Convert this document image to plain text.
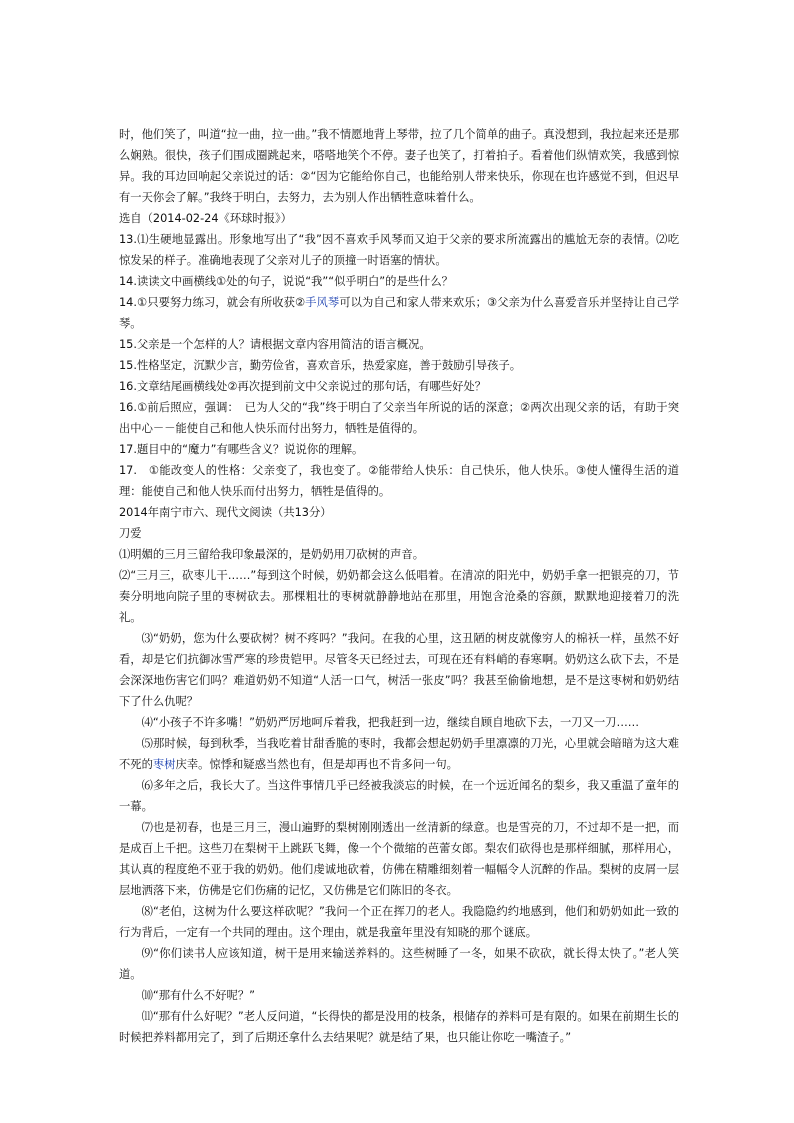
时，他们笑了，叫道“拉一曲，拉一曲。”我不情愿地背上琴带，拉了几个简单的曲子。真没想到，我拉起来还是那么娴熟。很快，孩子们围成圈跳起来，嗒嗒地笑个不停。妻子也笑了，打着拍子。看着他们纵情欢笑，我感到惊异。我的耳边回响起父亲说过的话：②“因为它能给你自己，也能给别人带来快乐，你现在也许感觉不到，但迟早有一天你会了解。”我终于明白，去努力，去为别人作出牺牲意味着什么。

选自（2014-02-24《环球时报》）

13.⑴生硬地显露出。形象地写出了“我”因不喜欢手风琴而又迫于父亲的要求所流露出的尴尬无奈的表情。⑵吃惊发呆的样子。准确地表现了父亲对儿子的顶撞一时语塞的情状。

14.读读文中画横线①处的句子，说说“我”“似乎明白”的是些什么？

14.①只要努力练习，就会有所收获②手风琴可以为自己和家人带来欢乐；③父亲为什么喜爱音乐并坚持让自己学琴。

15.父亲是一个怎样的人？请根据文章内容用简洁的语言概况。

15.性格坚定，沉默少言，勤劳俭省，喜欢音乐，热爱家庭，善于鼓励引导孩子。

16.文章结尾画横线处②再次提到前文中父亲说过的那句话，有哪些好处？

16.①前后照应，强调：　已为人父的“我”终于明白了父亲当年所说的话的深意；②两次出现父亲的话，有助于突出中心－－能使自己和他人快乐而付出努力，牺牲是值得的。

17.题目中的“魔力”有哪些含义？说说你的理解。

17.　①能改变人的性格：父亲变了，我也变了。②能带给人快乐：自己快乐，他人快乐。③使人懂得生活的道理：能使自己和他人快乐而付出努力，牺牲是值得的。

2014年南宁市六、现代文阅读（共13分）

刀爱

⑴明媚的三月三留给我印象最深的，是奶奶用刀砍树的声音。

⑵“三月三，砍枣儿干……”每到这个时候，奶奶都会这么低唱着。在清凉的阳光中，奶奶手拿一把银亮的刀，节奏分明地向院子里的枣树砍去。那棵粗壮的枣树就静静地站在那里，用饱含沧桑的容颜，默默地迎接着刀的洗礼。

⑶“奶奶，您为什么要砍树？树不疼吗？”我问。在我的心里，这丑陋的树皮就像穷人的棉袄一样，虽然不好看，却是它们抗御冰雪严寒的珍贵铠甲。尽管冬天已经过去，可现在还有料峭的春寒啊。奶奶这么砍下去，不是会深深地伤害它们吗？难道奶奶不知道“人活一口气，树活一张皮”吗？我甚至偷偷地想，是不是这枣树和奶奶结下了什么仇呢？

⑷“小孩子不许多嘴！”奶奶严厉地呵斥着我，把我赶到一边，继续自顾自地砍下去，一刀又一刀……

⑸那时候，每到秋季，当我吃着甘甜香脆的枣时，我都会想起奶奶手里凛凛的刀光，心里就会暗暗为这大难不死的枣树庆幸。惊悸和疑惑当然也有，但是却再也不肯多问一句。

⑹多年之后，我长大了。当这件事情几乎已经被我淡忘的时候，在一个远近闻名的梨乡，我又重温了童年的一幕。

⑺也是初春，也是三月三，漫山遍野的梨树刚刚透出一丝清新的绿意。也是雪亮的刀，不过却不是一把，而是成百上千把。这些刀在梨树干上跳跃飞舞，像一个个微缩的芭蕾女郎。梨农们砍得也是那样细腻，那样用心，其认真的程度绝不亚于我的奶奶。他们虔诚地砍着，仿佛在精雕细刻着一幅幅令人沉醉的作品。梨树的皮屑一层层地洒落下来，仿佛是它们伤痛的记忆，又仿佛是它们陈旧的冬衣。

⑻“老伯，这树为什么要这样砍呢？”我问一个正在挥刀的老人。我隐隐约约地感到，他们和奶奶如此一致的行为背后，一定有一个共同的理由。这个理由，就是我童年里没有知晓的那个谜底。

⑼“你们读书人应该知道，树干是用来输送养料的。这些树睡了一冬，如果不砍砍，就长得太快了。”老人笑道。

⑽“那有什么不好呢？”

⑾“那有什么好呢？”老人反问道，“长得快的都是没用的枝条，根储存的养料可是有限的。如果在前期生长的时候把养料都用完了，到了后期还拿什么去结果呢？就是结了果，也只能让你吃一嘴渣子。”
